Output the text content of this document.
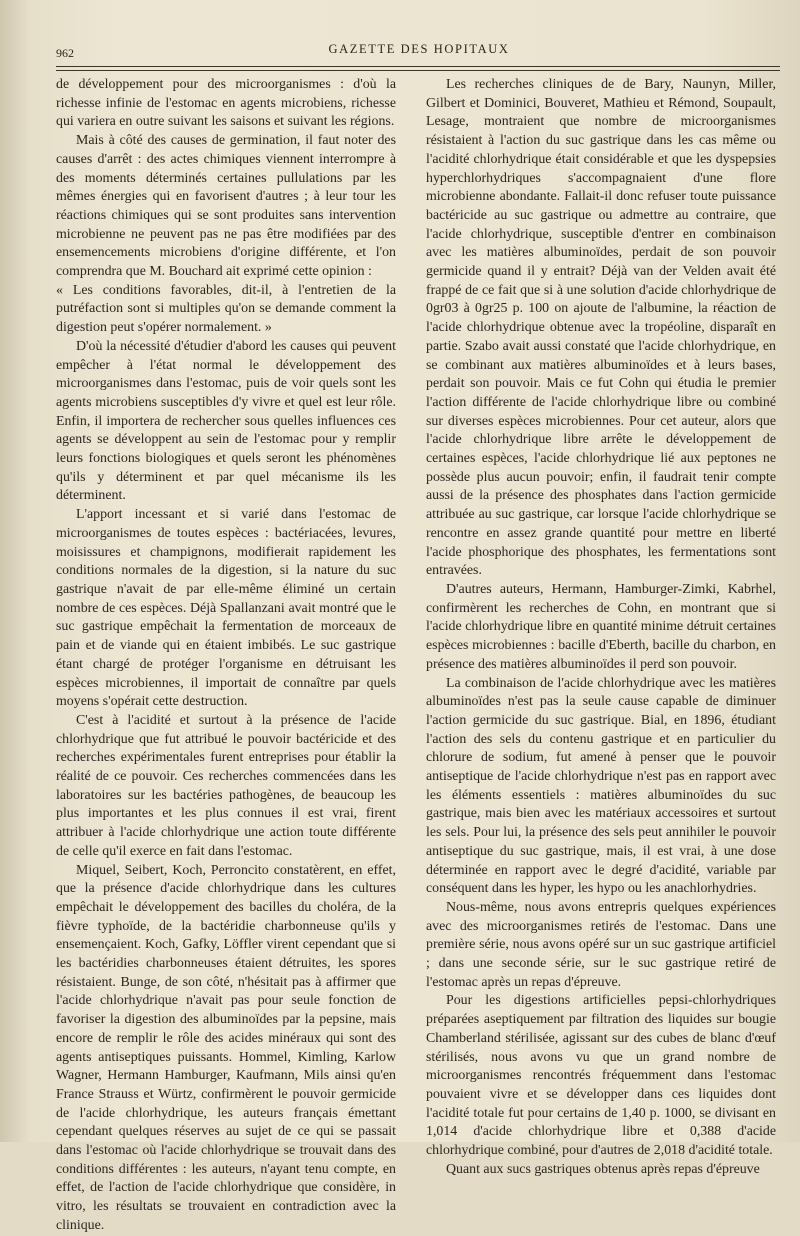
962	GAZETTE DES HOPITAUX

de développement pour des microorganismes : d'où la richesse infinie de l'estomac en agents microbiens, richesse qui variera en outre suivant les saisons et suivant les régions.

Mais à côté des causes de germination, il faut noter des causes d'arrêt : des actes chimiques viennent interrompre à des moments déterminés certaines pullulations par les mêmes énergies qui en favorisent d'autres ; à leur tour les réactions chimiques qui se sont produites sans intervention microbienne ne peuvent pas ne pas être modifiées par des ensemencements microbiens d'origine différente, et l'on comprendra que M. Bouchard ait exprimé cette opinion :

« Les conditions favorables, dit-il, à l'entretien de la putréfaction sont si multiples qu'on se demande comment la digestion peut s'opérer normalement. »

D'où la nécessité d'étudier d'abord les causes qui peuvent empêcher à l'état normal le développement des microorganismes dans l'estomac, puis de voir quels sont les agents microbiens susceptibles d'y vivre et quel est leur rôle. Enfin, il importera de rechercher sous quelles influences ces agents se développent au sein de l'estomac pour y remplir leurs fonctions biologiques et quels seront les phénomènes qu'ils y déterminent et par quel mécanisme ils les déterminent.

L'apport incessant et si varié dans l'estomac de microorganismes de toutes espèces : bactériacées, levures, moisissures et champignons, modifierait rapidement les conditions normales de la digestion, si la nature du suc gastrique n'avait de par elle-même éliminé un certain nombre de ces espèces. Déjà Spallanzani avait montré que le suc gastrique empêchait la fermentation de morceaux de pain et de viande qui en étaient imbibés. Le suc gastrique étant chargé de protéger l'organisme en détruisant les espèces microbiennes, il importait de connaître par quels moyens s'opérait cette destruction.

C'est à l'acidité et surtout à la présence de l'acide chlorhydrique que fut attribué le pouvoir bactéricide et des recherches expérimentales furent entreprises pour établir la réalité de ce pouvoir. Ces recherches commencées dans les laboratoires sur les bactéries pathogènes, de beaucoup les plus importantes et les plus connues il est vrai, firent attribuer à l'acide chlorhydrique une action toute différente de celle qu'il exerce en fait dans l'estomac.

Miquel, Seibert, Koch, Perroncito constatèrent, en effet, que la présence d'acide chlorhydrique dans les cultures empêchait le développement des bacilles du choléra, de la fièvre typhoïde, de la bactéridie charbonneuse qu'ils y ensemençaient. Koch, Gafky, Löffler virent cependant que si les bactéridies charbonneuses étaient détruites, les spores résistaient. Bunge, de son côté, n'hésitait pas à affirmer que l'acide chlorhydrique n'avait pas pour seule fonction de favoriser la digestion des albuminoïdes par la pepsine, mais encore de remplir le rôle des acides minéraux qui sont des agents antiseptiques puissants. Hommel, Kimling, Karlow Wagner, Hermann Hamburger, Kaufmann, Mils ainsi qu'en France Strauss et Würtz, confirmèrent le pouvoir germicide de l'acide chlorhydrique, les auteurs français émettant cependant quelques réserves au sujet de ce qui se passait dans l'estomac où l'acide chlorhydrique se trouvait dans des conditions différentes : les auteurs, n'ayant tenu compte, en effet, de l'action de l'acide chlorhydrique que considère, in vitro, les résultats se trouvaient en contradiction avec la clinique.

Les recherches cliniques de de Bary, Naunyn, Miller, Gilbert et Dominici, Bouveret, Mathieu et Rémond, Soupault, Lesage, montraient que nombre de microorganismes résistaient à l'action du suc gastrique dans les cas même ou l'acidité chlorhydrique était considérable et que les dyspepsies hyperchlorhydriques s'accompagnaient d'une flore microbienne abondante. Fallait-il donc refuser toute puissance bactéricide au suc gastrique ou admettre au contraire, que l'acide chlorhydrique, susceptible d'entrer en combinaison avec les matières albuminoïdes, perdait de son pouvoir germicide quand il y entrait? Déjà van der Velden avait été frappé de ce fait que si à une solution d'acide chlorhydrique de 0gr03 à 0gr25 p. 100 on ajoute de l'albumine, la réaction de l'acide chlorhydrique obtenue avec la tropéoline, disparaît en partie. Szabo avait aussi constaté que l'acide chlorhydrique, en se combinant aux matières albuminoïdes et à leurs bases, perdait son pouvoir. Mais ce fut Cohn qui étudia le premier l'action différente de l'acide chlorhydrique libre ou combiné sur diverses espèces microbiennes. Pour cet auteur, alors que l'acide chlorhydrique libre arrête le développement de certaines espèces, l'acide chlorhydrique lié aux peptones ne possède plus aucun pouvoir; enfin, il faudrait tenir compte aussi de la présence des phosphates dans l'action germicide attribuée au suc gastrique, car lorsque l'acide chlorhydrique se rencontre en assez grande quantité pour mettre en liberté l'acide phosphorique des phosphates, les fermentations sont entravées.

D'autres auteurs, Hermann, Hamburger-Zimki, Kabrhel, confirmèrent les recherches de Cohn, en montrant que si l'acide chlorhydrique libre en quantité minime détruit certaines espèces microbiennes : bacille d'Eberth, bacille du charbon, en présence des matières albuminoïdes il perd son pouvoir.

La combinaison de l'acide chlorhydrique avec les matières albuminoïdes n'est pas la seule cause capable de diminuer l'action germicide du suc gastrique. Bial, en 1896, étudiant l'action des sels du contenu gastrique et en particulier du chlorure de sodium, fut amené à penser que le pouvoir antiseptique de l'acide chlorhydrique n'est pas en rapport avec les éléments essentiels : matières albuminoïdes du suc gastrique, mais bien avec les matériaux accessoires et surtout les sels. Pour lui, la présence des sels peut annihiler le pouvoir antiseptique du suc gastrique, mais, il est vrai, à une dose déterminée en rapport avec le degré d'acidité, variable par conséquent dans les hyper, les hypo ou les anachlorhydries.

Nous-même, nous avons entrepris quelques expériences avec des microorganismes retirés de l'estomac. Dans une première série, nous avons opéré sur un suc gastrique artificiel ; dans une seconde série, sur le suc gastrique retiré de l'estomac après un repas d'épreuve.

Pour les digestions artificielles pepsi-chlorhydriques préparées aseptiquement par filtration des liquides sur bougie Chamberland stérilisée, agissant sur des cubes de blanc d'œuf stérilisés, nous avons vu que un grand nombre de microorganismes rencontrés fréquemment dans l'estomac pouvaient vivre et se développer dans ces liquides dont l'acidité totale fut pour certains de 1,40 p. 1000, se divisant en 1,014 d'acide chlorhydrique libre et 0,388 d'acide chlorhydrique combiné, pour d'autres de 2,018 d'acidité totale.

Quant aux sucs gastriques obtenus après repas d'épreuve
